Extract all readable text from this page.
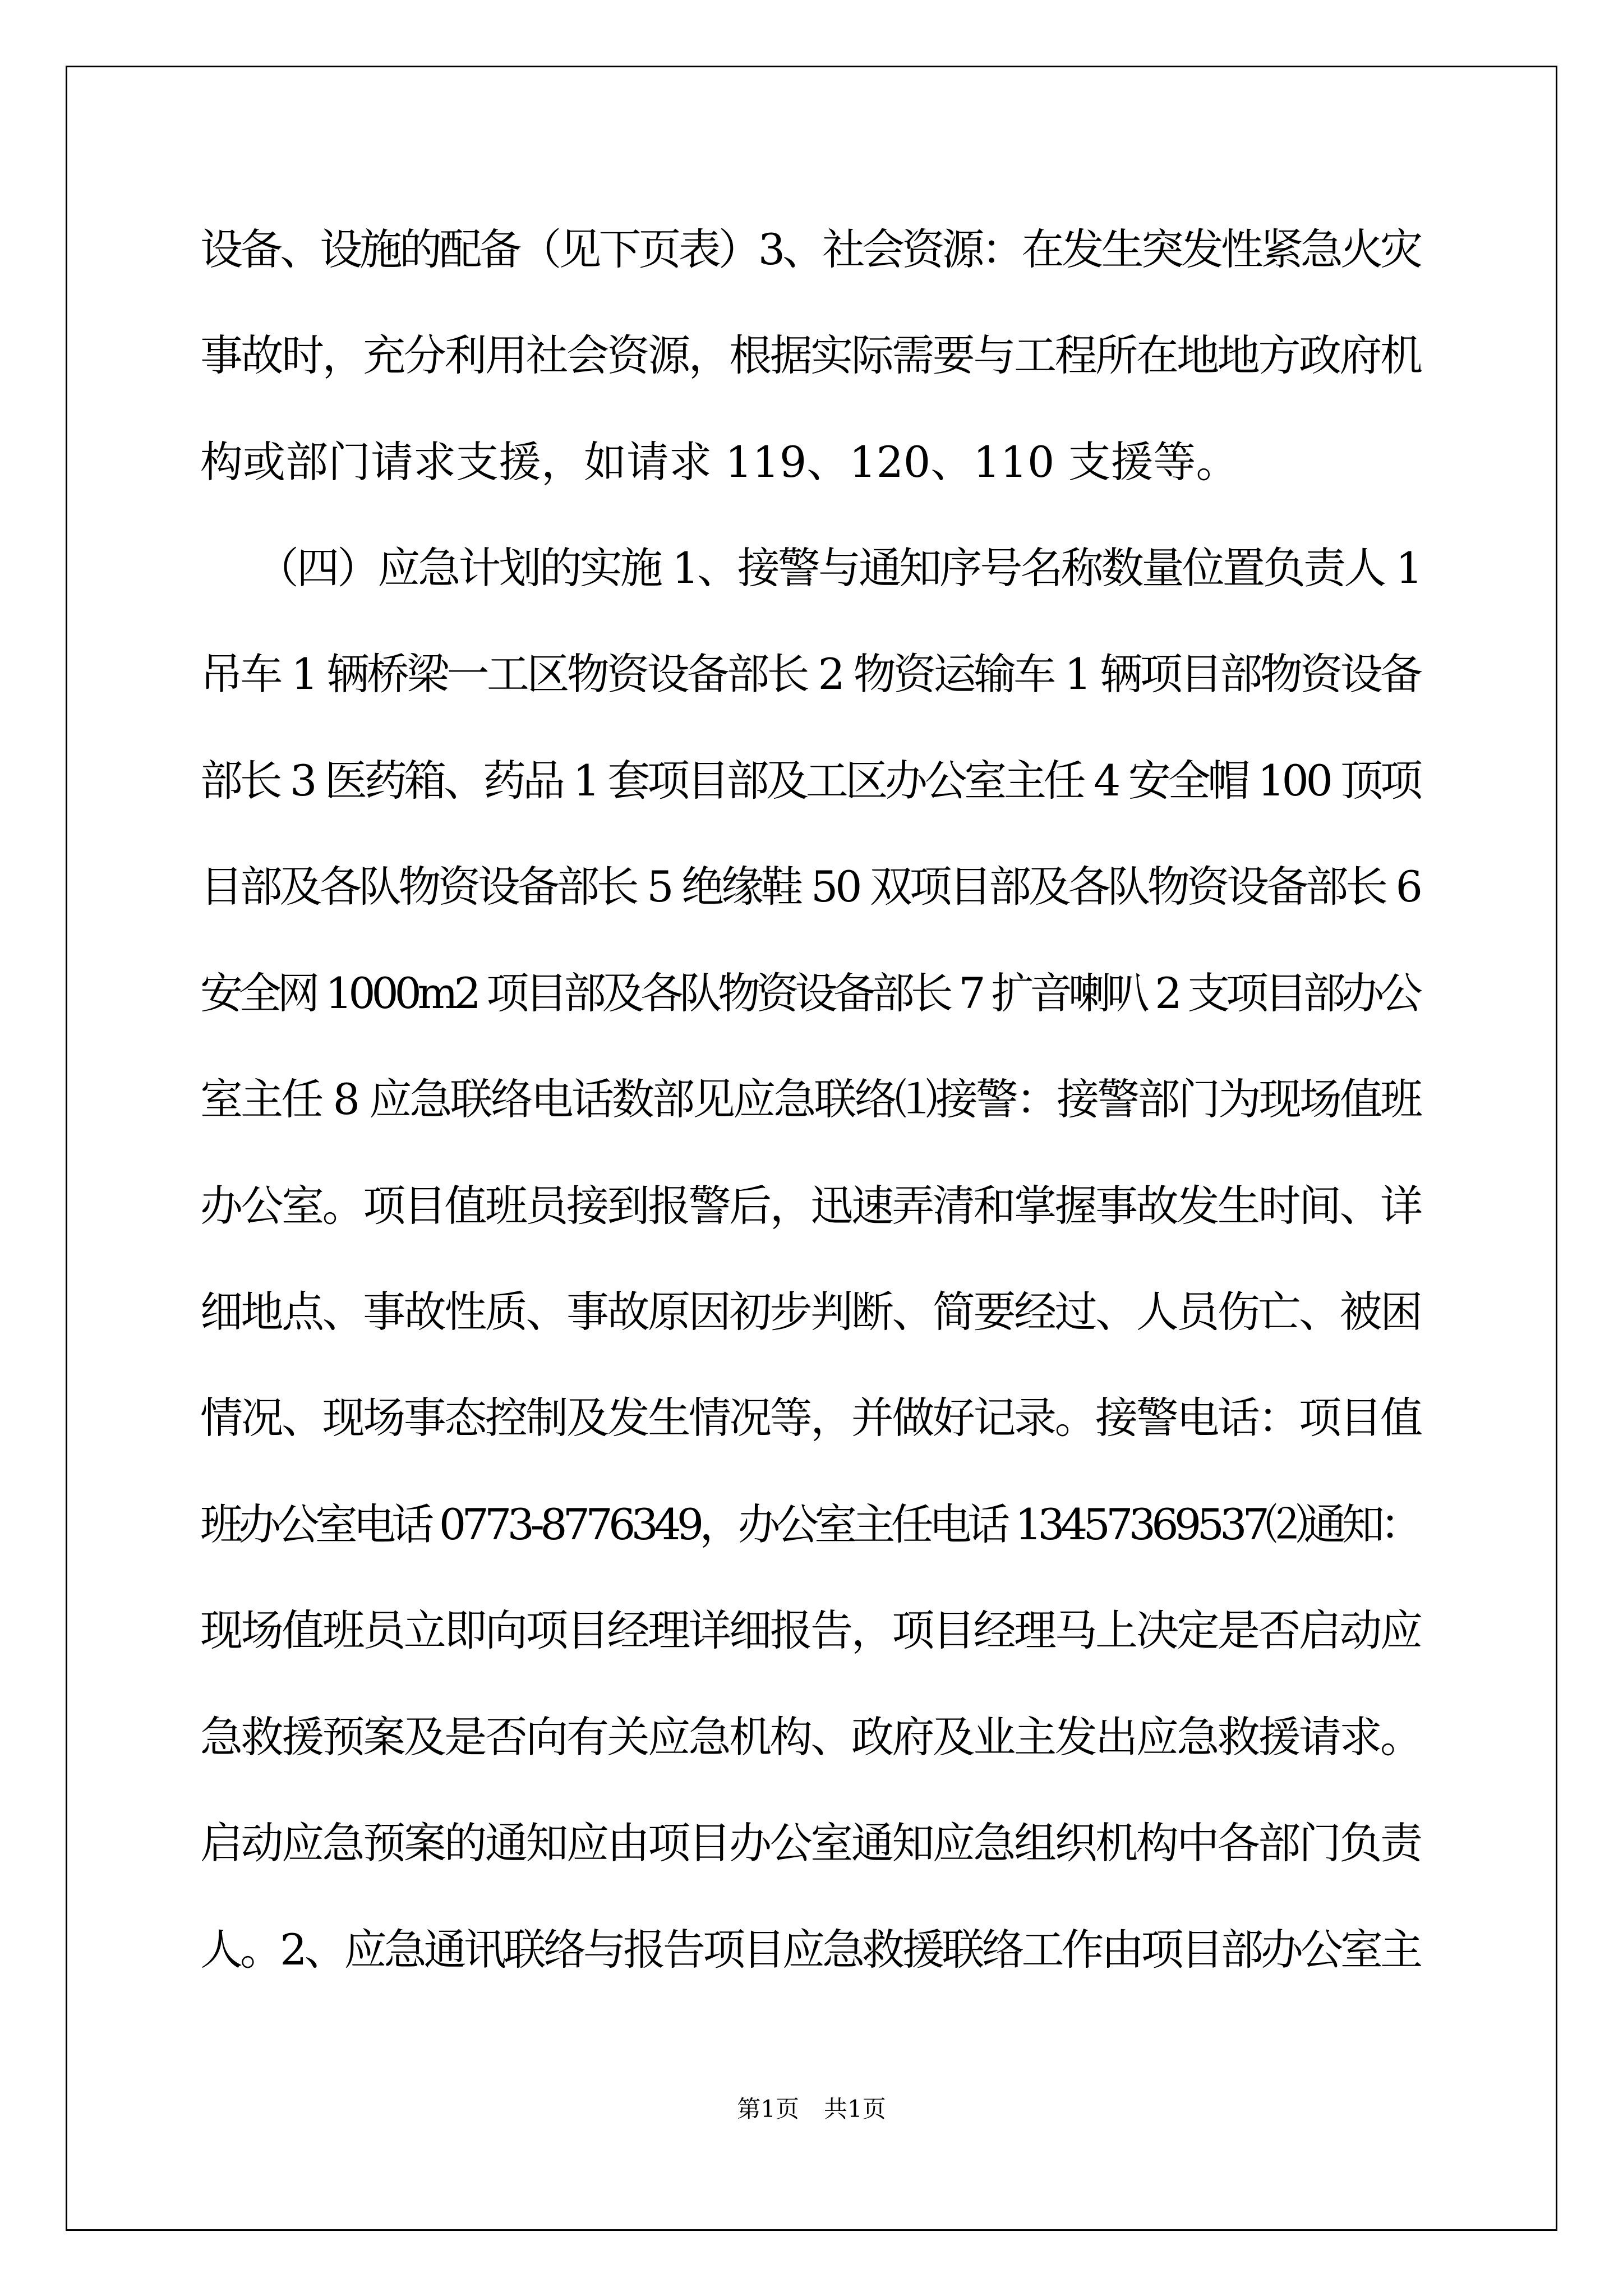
设备、设施的配备（见下页表）3、社会资源：在发生突发性紧急火灾

事故时，充分利用社会资源，根据实际需要与工程所在地地方政府机

构或部门请求支援，如请求 119、120、110 支援等。

（四）应急计划的实施 1、接警与通知序号名称数量位置负责人 1

吊车 1 辆桥梁一工区物资设备部长 2 物资运输车 1 辆项目部物资设备

部长 3 医药箱、药品 1 套项目部及工区办公室主任 4 安全帽 100 顶项

目部及各队物资设备部长 5 绝缘鞋 50 双项目部及各队物资设备部长 6

安全网 1000m2 项目部及各队物资设备部长 7 扩音喇叭 2 支项目部办公

室主任 8 应急联络电话数部见应急联络⑴接警：接警部门为现场值班

办公室。项目值班员接到报警后，迅速弄清和掌握事故发生时间、详

细地点、事故性质、事故原因初步判断、简要经过、人员伤亡、被困

情况、现场事态控制及发生情况等，并做好记录。接警电话：项目值

班办公室电话 0773-8776349，办公室主任电话 13457369537⑵通知：

现场值班员立即向项目经理详细报告，项目经理马上决定是否启动应

急救援预案及是否向有关应急机构、政府及业主发出应急救援请求。

启动应急预案的通知应由项目办公室通知应急组织机构中各部门负责

人。2、应急通讯联络与报告项目应急救援联络工作由项目部办公室主

第1页 共1页
